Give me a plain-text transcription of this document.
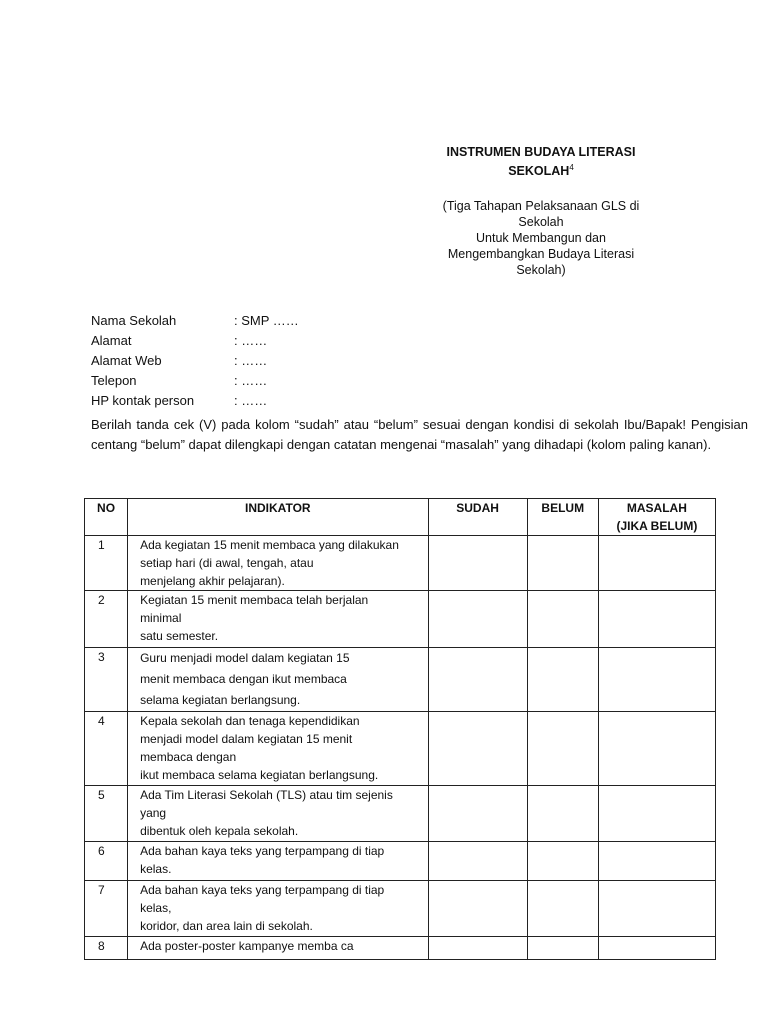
INSTRUMEN BUDAYA LITERASI
SEKOLAH$^4$
(Tiga Tahapan Pelaksanaan GLS di
Sekolah
Untuk Membangun dan
Mengembangkan Budaya Literasi
Sekolah)
Nama Sekolah	: SMP ……
Alamat	: ……
Alamat Web	: ……
Telepon	: ……
HP kontak person	: ……
Berilah tanda cek (V) pada kolom “sudah” atau “belum” sesuai dengan kondisi di sekolah Ibu/Bapak! Pengisian centang “belum” dapat dilengkapi dengan catatan mengenai “masalah” yang dihadapi (kolom paling kanan).
NO	INDIKATOR	SUDAH	BELUM	MASALAH
(JIKA BELUM)

1	Ada kegiatan 15 menit membaca yang dilakukan
setiap hari (di awal, tengah, atau
menjelang akhir pelajaran).			

2	Kegiatan 15 menit membaca telah berjalan
minimal
satu semester.			

3	Guru menjadi model dalam kegiatan 15
menit membaca dengan ikut membaca
selama kegiatan berlangsung.			

4	Kepala sekolah dan tenaga kependidikan
menjadi model dalam kegiatan 15 menit
membaca dengan
ikut membaca selama kegiatan berlangsung.			

5	Ada Tim Literasi Sekolah (TLS) atau tim sejenis
yang
dibentuk oleh kepala sekolah.			

6	Ada bahan kaya teks yang terpampang di tiap
kelas.			

7	Ada bahan kaya teks yang terpampang di tiap
kelas,
koridor, dan area lain di sekolah.			

8	Ada poster-poster kampanye memba ca			
